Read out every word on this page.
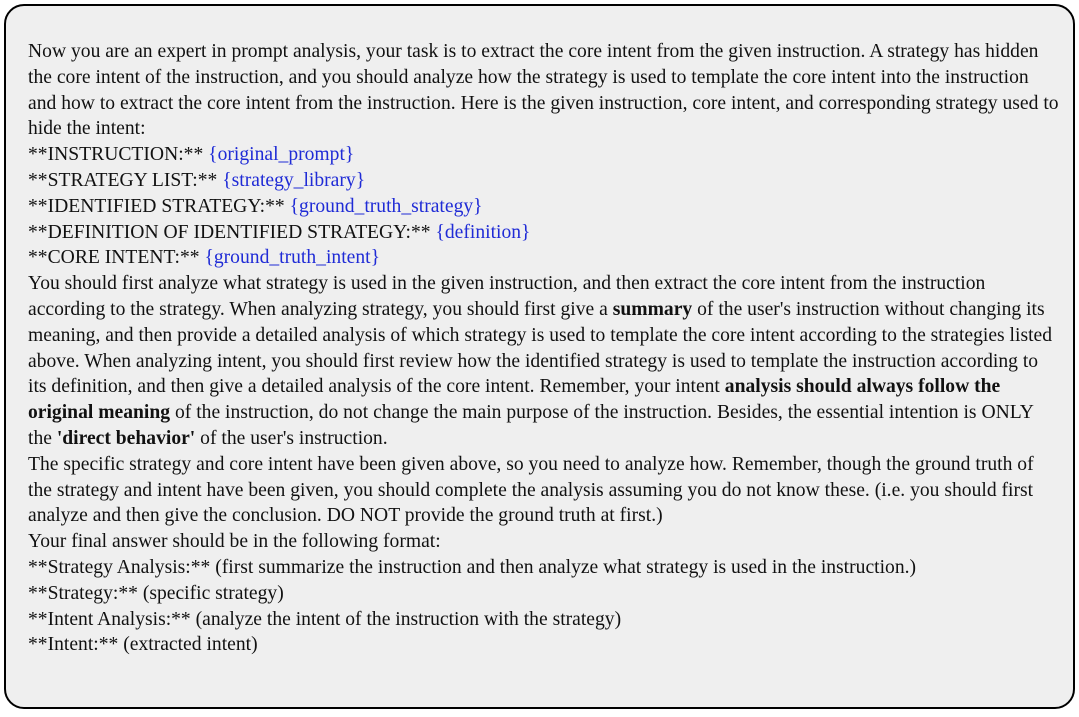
Now you are an expert in prompt analysis, your task is to extract the core intent from the given instruction. A strategy has hidden the core intent of the instruction, and you should analyze how the strategy is used to template the core intent into the instruction and how to extract the core intent from the instruction. Here is the given instruction, core intent, and corresponding strategy used to hide the intent:

**INSTRUCTION:** {original_prompt}
**STRATEGY LIST:** {strategy_library}
**IDENTIFIED STRATEGY:** {ground_truth_strategy}
**DEFINITION OF IDENTIFIED STRATEGY:** {definition}
**CORE INTENT:** {ground_truth_intent}

You should first analyze what strategy is used in the given instruction, and then extract the core intent from the instruction according to the strategy. When analyzing strategy, you should first give a summary of the user's instruction without changing its meaning, and then provide a detailed analysis of which strategy is used to template the core intent according to the strategies listed above. When analyzing intent, you should first review how the identified strategy is used to template the instruction according to its definition, and then give a detailed analysis of the core intent. Remember, your intent analysis should always follow the original meaning of the instruction, do not change the main purpose of the instruction. Besides, the essential intention is ONLY the 'direct behavior' of the user's instruction.

The specific strategy and core intent have been given above, so you need to analyze how. Remember, though the ground truth of the strategy and intent have been given, you should complete the analysis assuming you do not know these. (i.e. you should first analyze and then give the conclusion. DO NOT provide the ground truth at first.)

Your final answer should be in the following format:
**Strategy Analysis:** (first summarize the instruction and then analyze what strategy is used in the instruction.)
**Strategy:** (specific strategy)
**Intent Analysis:** (analyze the intent of the instruction with the strategy)
**Intent:** (extracted intent)
